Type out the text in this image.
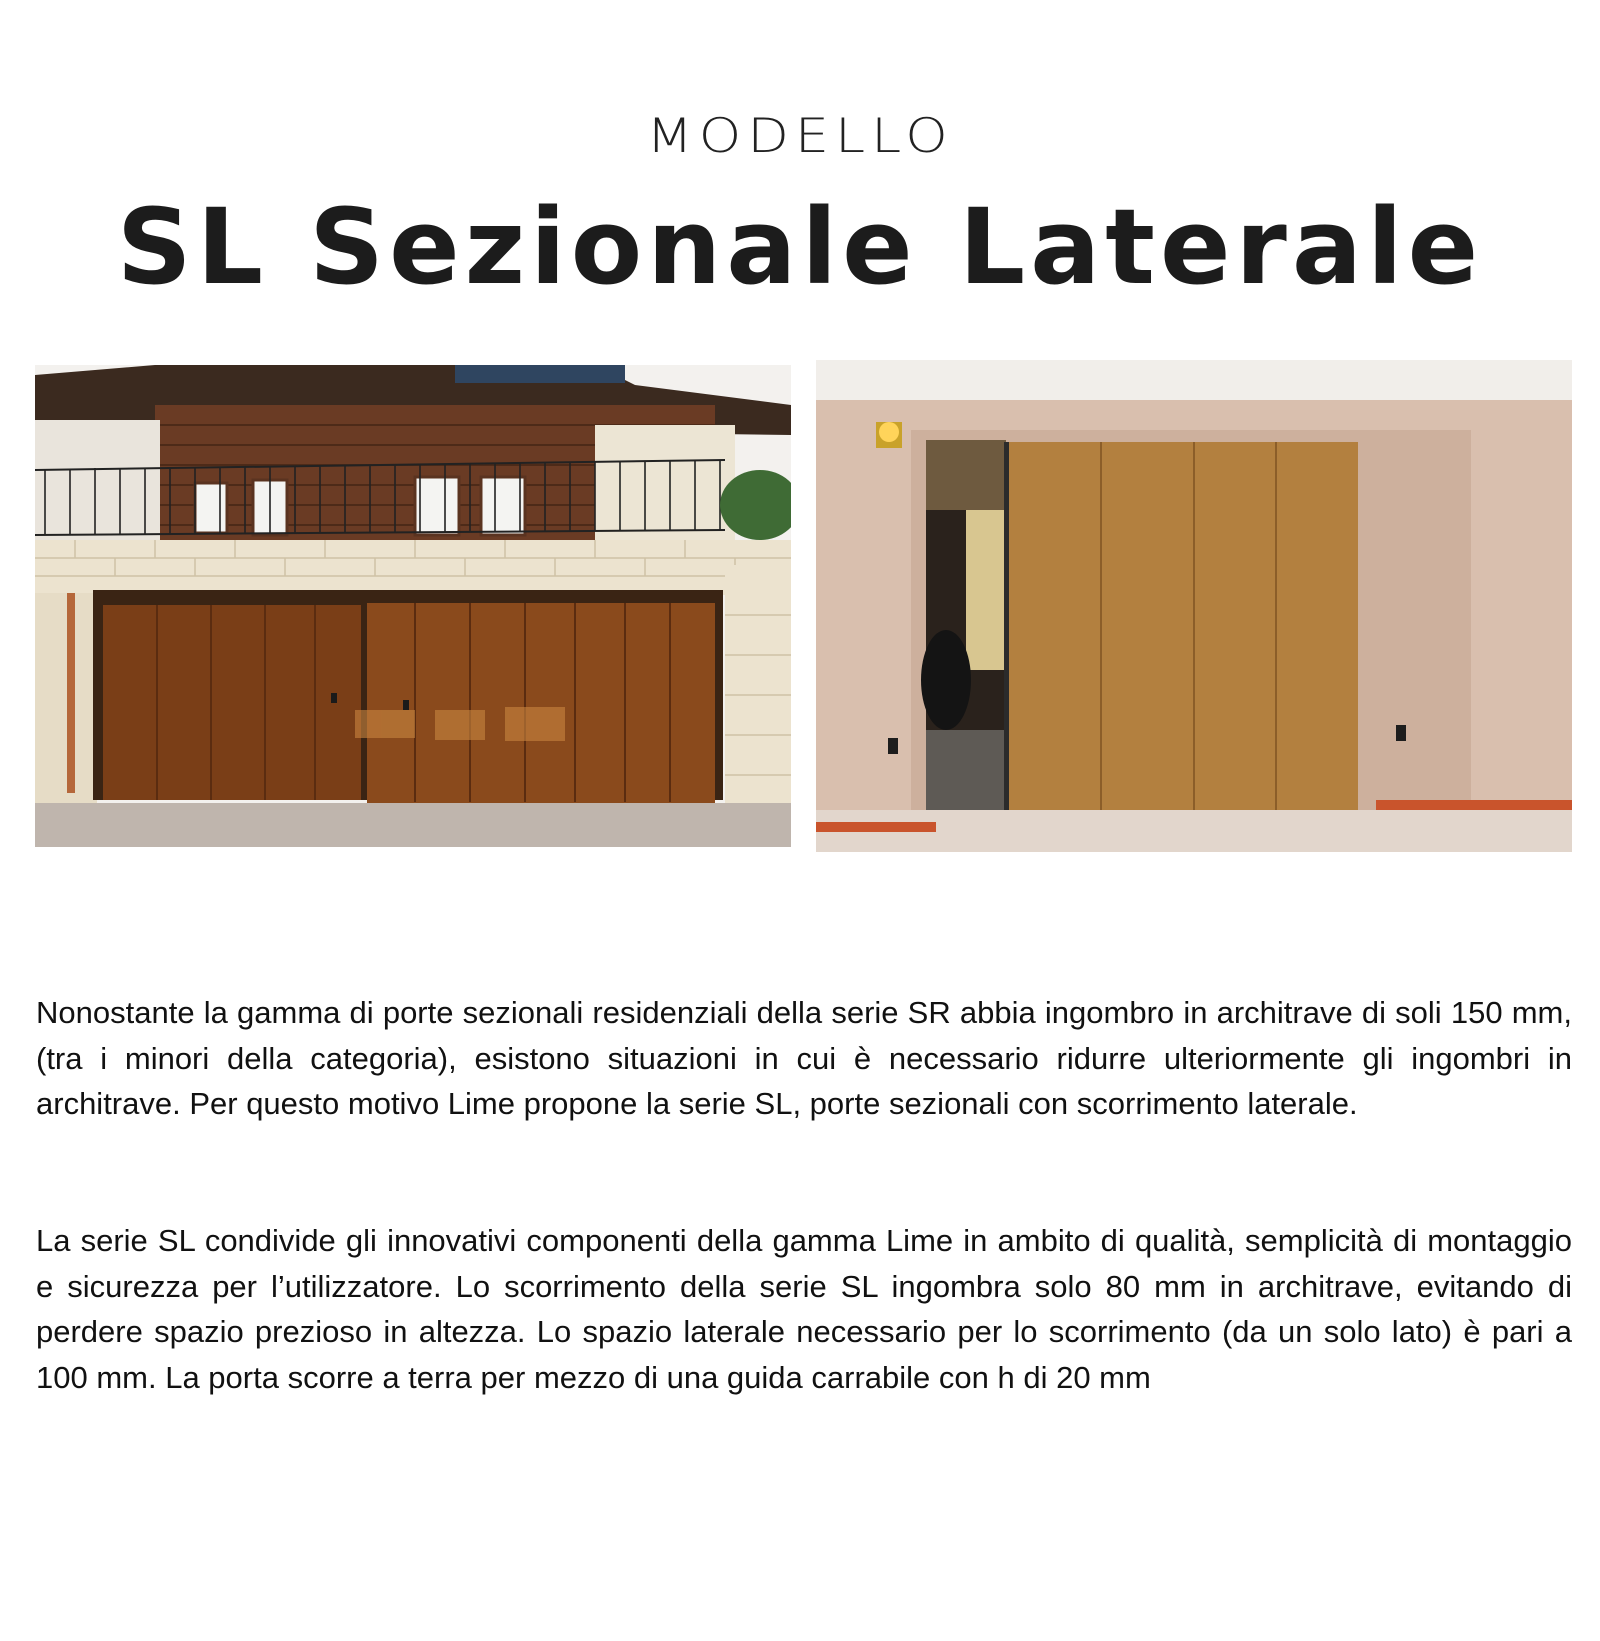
MODELLO
SL Sezionale Laterale
Nonostante la gamma di porte sezionali residenziali della serie SR abbia ingombro in architrave di soli 150 mm, (tra i minori della categoria), esistono situazioni in cui è necessario ridurre ulteriormente gli ingombri in architrave. Per questo motivo Lime propone la serie SL, porte sezionali con scorrimento laterale.
La serie SL condivide gli innovativi componenti della gamma Lime in ambito di qualità, semplicità di montaggio e sicurezza per l’utilizzatore. Lo scorrimento della serie SL ingombra solo 80 mm in architrave, evitando di perdere spazio prezioso in altezza. Lo spazio laterale necessario per lo scorrimento (da un solo lato) è pari a 100 mm. La porta scorre a terra per mezzo di una guida carrabile con h di 20 mm
